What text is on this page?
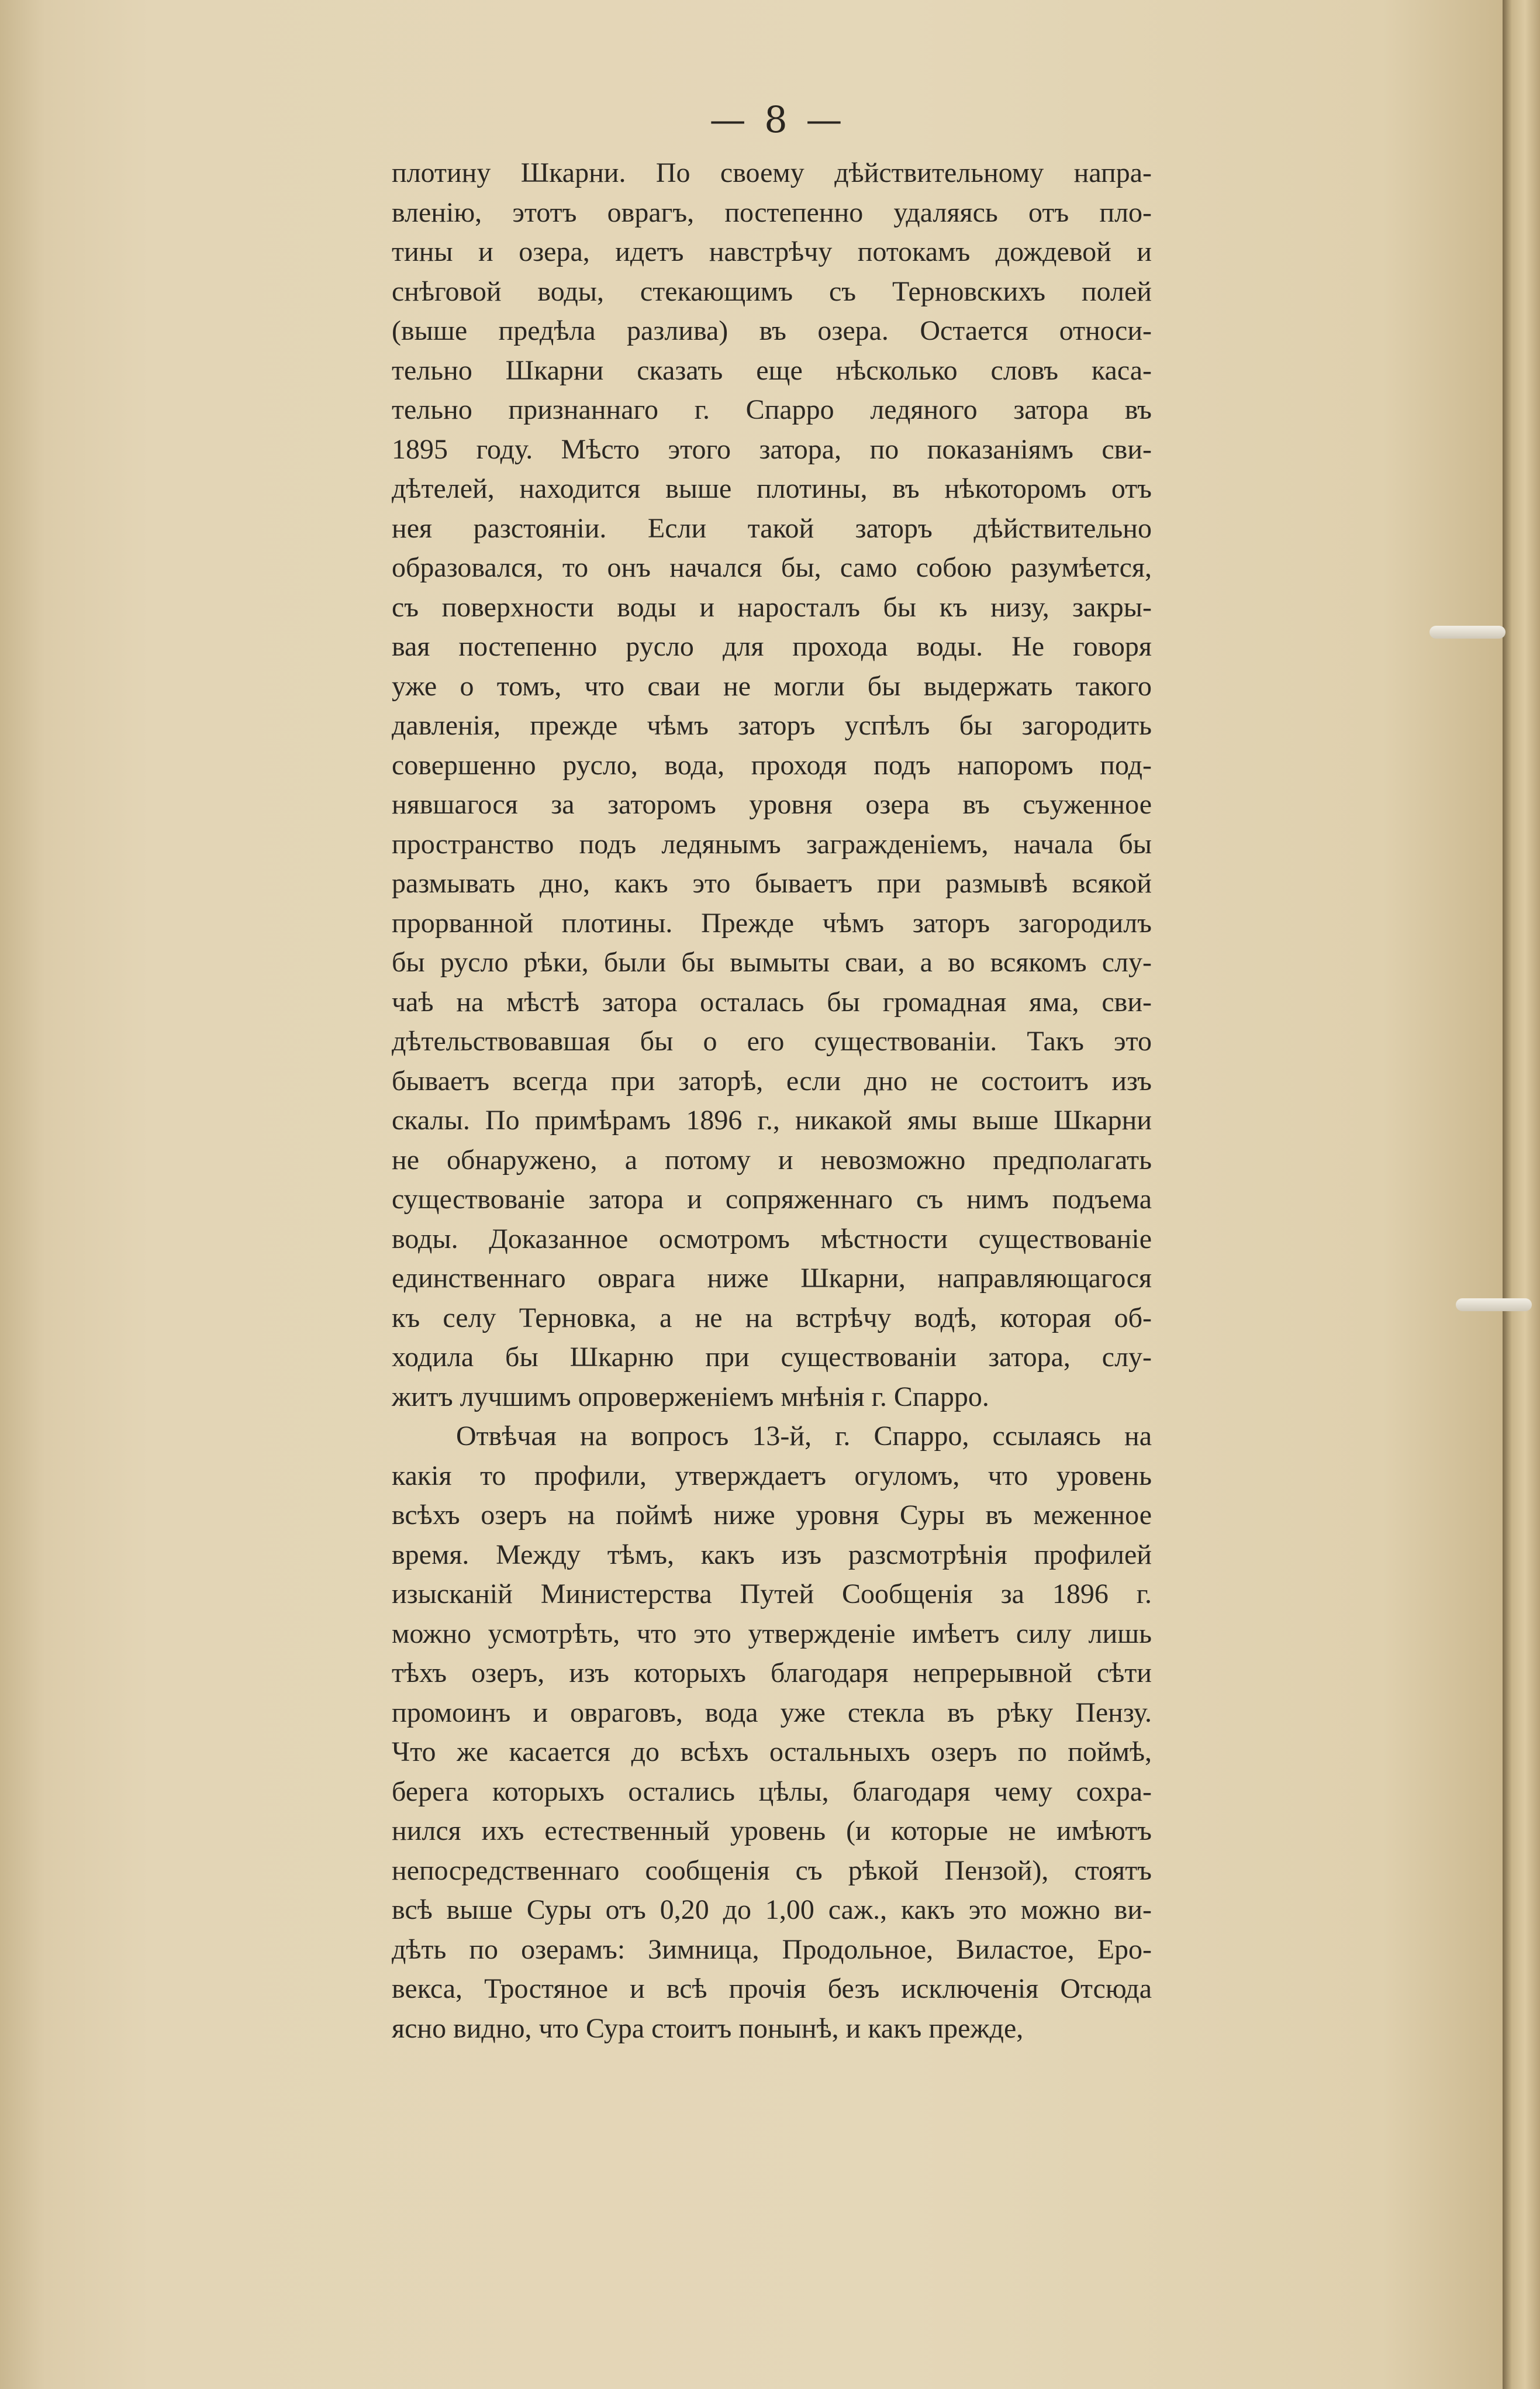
— 8 —
плотину Шкарни. По своему дѣйствительному напра-
вленію, этотъ оврагъ, постепенно удаляясь отъ пло-
тины и озера, идетъ навстрѣчу потокамъ дождевой и
снѣговой воды, стекающимъ съ Терновскихъ полей
(выше предѣла разлива) въ озера. Остается относи-
тельно Шкарни сказать еще нѣсколько словъ каса-
тельно признаннаго г. Спарро ледяного затора въ
1895 году. Мѣсто этого затора, по показаніямъ сви-
дѣтелей, находится выше плотины, въ нѣкоторомъ отъ
нея разстояніи. Если такой заторъ дѣйствительно
образовался, то онъ начался бы, само собою разумѣется,
съ поверхности воды и наросталъ бы къ низу, закры-
вая постепенно русло для прохода воды. Не говоря
уже о томъ, что сваи не могли бы выдержать такого
давленія, прежде чѣмъ заторъ успѣлъ бы загородить
совершенно русло, вода, проходя подъ напоромъ под-
нявшагося за заторомъ уровня озера въ съуженное
пространство подъ ледянымъ загражденіемъ, начала бы
размывать дно, какъ это бываетъ при размывѣ всякой
прорванной плотины. Прежде чѣмъ заторъ загородилъ
бы русло рѣки, были бы вымыты сваи, а во всякомъ слу-
чаѣ на мѣстѣ затора осталась бы громадная яма, сви-
дѣтельствовавшая бы о его существованіи. Такъ это
бываетъ всегда при заторѣ, если дно не состоитъ изъ
скалы. По примѣрамъ 1896 г., никакой ямы выше Шкарни
не обнаружено, а потому и невозможно предполагать
существованіе затора и сопряженнаго съ нимъ подъема
воды. Доказанное осмотромъ мѣстности существованіе
единственнаго оврага ниже Шкарни, направляющагося
къ селу Терновка, а не на встрѣчу водѣ, которая об-
ходила бы Шкарню при существованіи затора, слу-
житъ лучшимъ опроверженіемъ мнѣнія г. Спарро.
Отвѣчая на вопросъ 13-й, г. Спарро, ссылаясь на
какія то профили, утверждаетъ огуломъ, что уровень
всѣхъ озеръ на поймѣ ниже уровня Суры въ меженное
время. Между тѣмъ, какъ изъ разсмотрѣнія профилей
изысканій Министерства Путей Сообщенія за 1896 г.
можно усмотрѣть, что это утвержденіе имѣетъ силу лишь
тѣхъ озеръ, изъ которыхъ благодаря непрерывной сѣти
промоинъ и овраговъ, вода уже стекла въ рѣку Пензу.
Что же касается до всѣхъ остальныхъ озеръ по поймѣ,
берега которыхъ остались цѣлы, благодаря чему сохра-
нился ихъ естественный уровень (и которые не имѣютъ
непосредственнаго сообщенія съ рѣкой Пензой), стоятъ
всѣ выше Суры отъ 0,20 до 1,00 саж., какъ это можно ви-
дѣть по озерамъ: Зимница, Продольное, Виластое, Еро-
векса, Тростяное и всѣ прочія безъ исключенія Отсюда
ясно видно, что Сура стоитъ понынѣ, и какъ прежде,
